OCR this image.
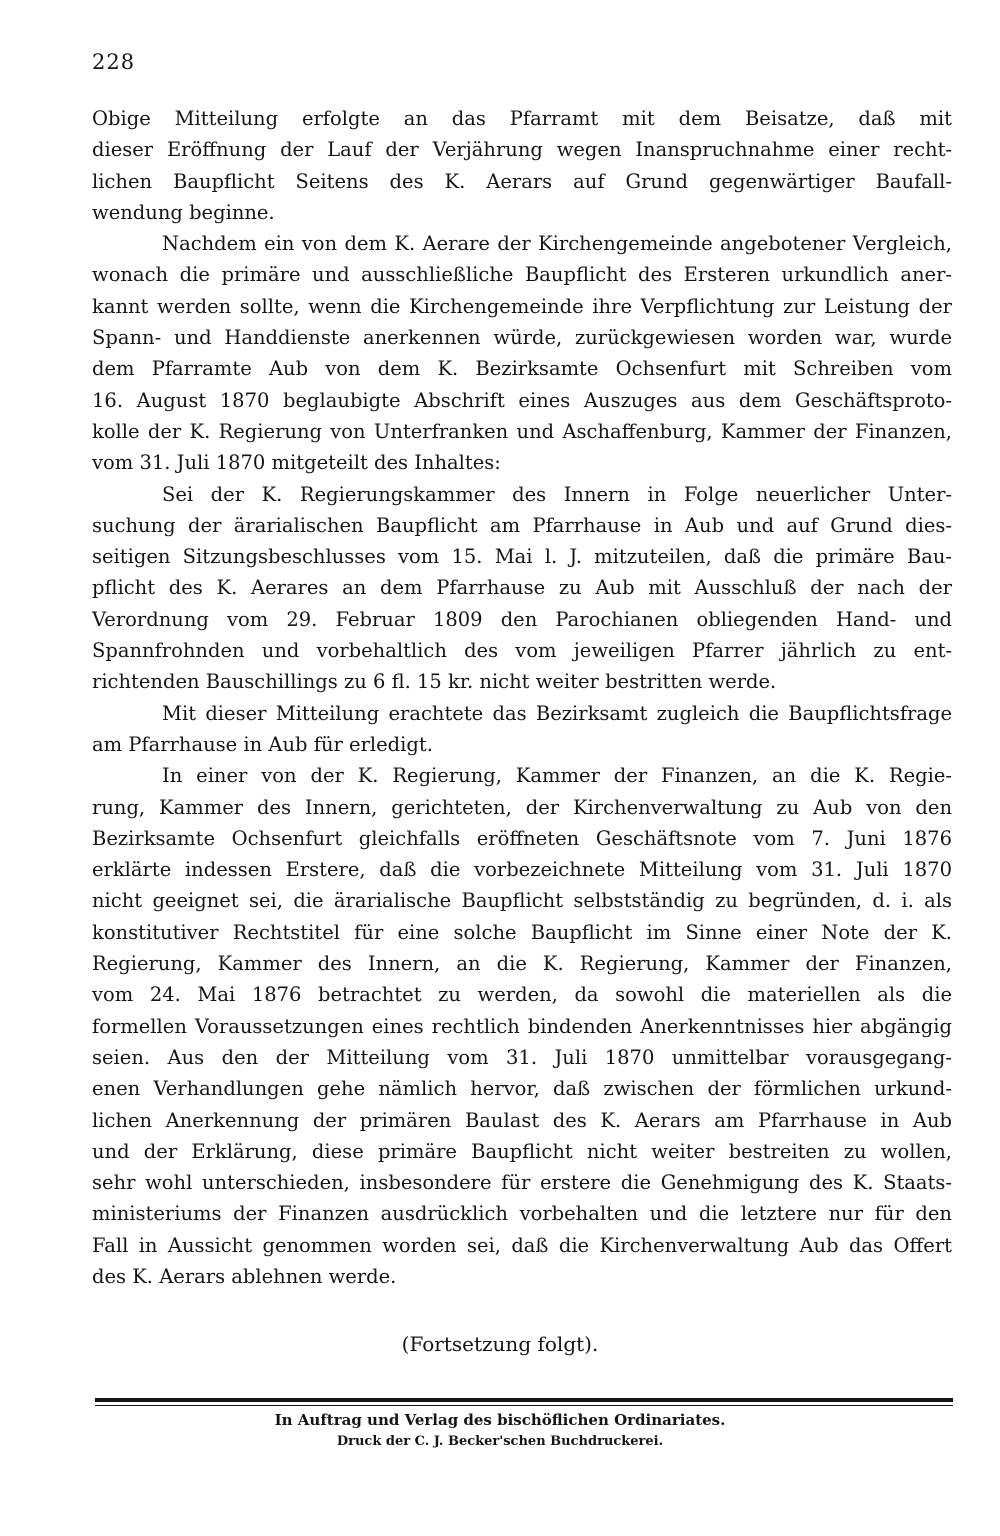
228
Obige Mitteilung erfolgte an das Pfarramt mit dem Beisatze, daß mit
dieser Eröffnung der Lauf der Verjährung wegen Inanspruchnahme einer recht-
lichen Baupflicht Seitens des K. Aerars auf Grund gegenwärtiger Baufall-
wendung beginne.
Nachdem ein von dem K. Aerare der Kirchengemeinde angebotener Vergleich,
wonach die primäre und ausschließliche Baupflicht des Ersteren urkundlich aner-
kannt werden sollte, wenn die Kirchengemeinde ihre Verpflichtung zur Leistung der
Spann- und Handdienste anerkennen würde, zurückgewiesen worden war, wurde
dem Pfarramte Aub von dem K. Bezirksamte Ochsenfurt mit Schreiben vom
16. August 1870 beglaubigte Abschrift eines Auszuges aus dem Geschäftsproto-
kolle der K. Regierung von Unterfranken und Aschaffenburg, Kammer der Finanzen,
vom 31. Juli 1870 mitgeteilt des Inhaltes:
Sei der K. Regierungskammer des Innern in Folge neuerlicher Unter-
suchung der ärarialischen Baupflicht am Pfarrhause in Aub und auf Grund dies-
seitigen Sitzungsbeschlusses vom 15. Mai l. J. mitzuteilen, daß die primäre Bau-
pflicht des K. Aerares an dem Pfarrhause zu Aub mit Ausschluß der nach der
Verordnung vom 29. Februar 1809 den Parochianen obliegenden Hand- und
Spannfrohnden und vorbehaltlich des vom jeweiligen Pfarrer jährlich zu ent-
richtenden Bauschillings zu 6 fl. 15 kr. nicht weiter bestritten werde.
Mit dieser Mitteilung erachtete das Bezirksamt zugleich die Baupflichtsfrage
am Pfarrhause in Aub für erledigt.
In einer von der K. Regierung, Kammer der Finanzen, an die K. Regie-
rung, Kammer des Innern, gerichteten, der Kirchenverwaltung zu Aub von den
Bezirksamte Ochsenfurt gleichfalls eröffneten Geschäftsnote vom 7. Juni 1876
erklärte indessen Erstere, daß die vorbezeichnete Mitteilung vom 31. Juli 1870
nicht geeignet sei, die ärarialische Baupflicht selbstständig zu begründen, d. i. als
konstitutiver Rechtstitel für eine solche Baupflicht im Sinne einer Note der K.
Regierung, Kammer des Innern, an die K. Regierung, Kammer der Finanzen,
vom 24. Mai 1876 betrachtet zu werden, da sowohl die materiellen als die
formellen Voraussetzungen eines rechtlich bindenden Anerkenntnisses hier abgängig
seien. Aus den der Mitteilung vom 31. Juli 1870 unmittelbar vorausgegang-
enen Verhandlungen gehe nämlich hervor, daß zwischen der förmlichen urkund-
lichen Anerkennung der primären Baulast des K. Aerars am Pfarrhause in Aub
und der Erklärung, diese primäre Baupflicht nicht weiter bestreiten zu wollen,
sehr wohl unterschieden, insbesondere für erstere die Genehmigung des K. Staats-
ministeriums der Finanzen ausdrücklich vorbehalten und die letztere nur für den
Fall in Aussicht genommen worden sei, daß die Kirchenverwaltung Aub das Offert
des K. Aerars ablehnen werde.
(Fortsetzung folgt).
In Auftrag und Verlag des bischöflichen Ordinariates.
Druck der C. J. Becker'schen Buchdruckerei.
